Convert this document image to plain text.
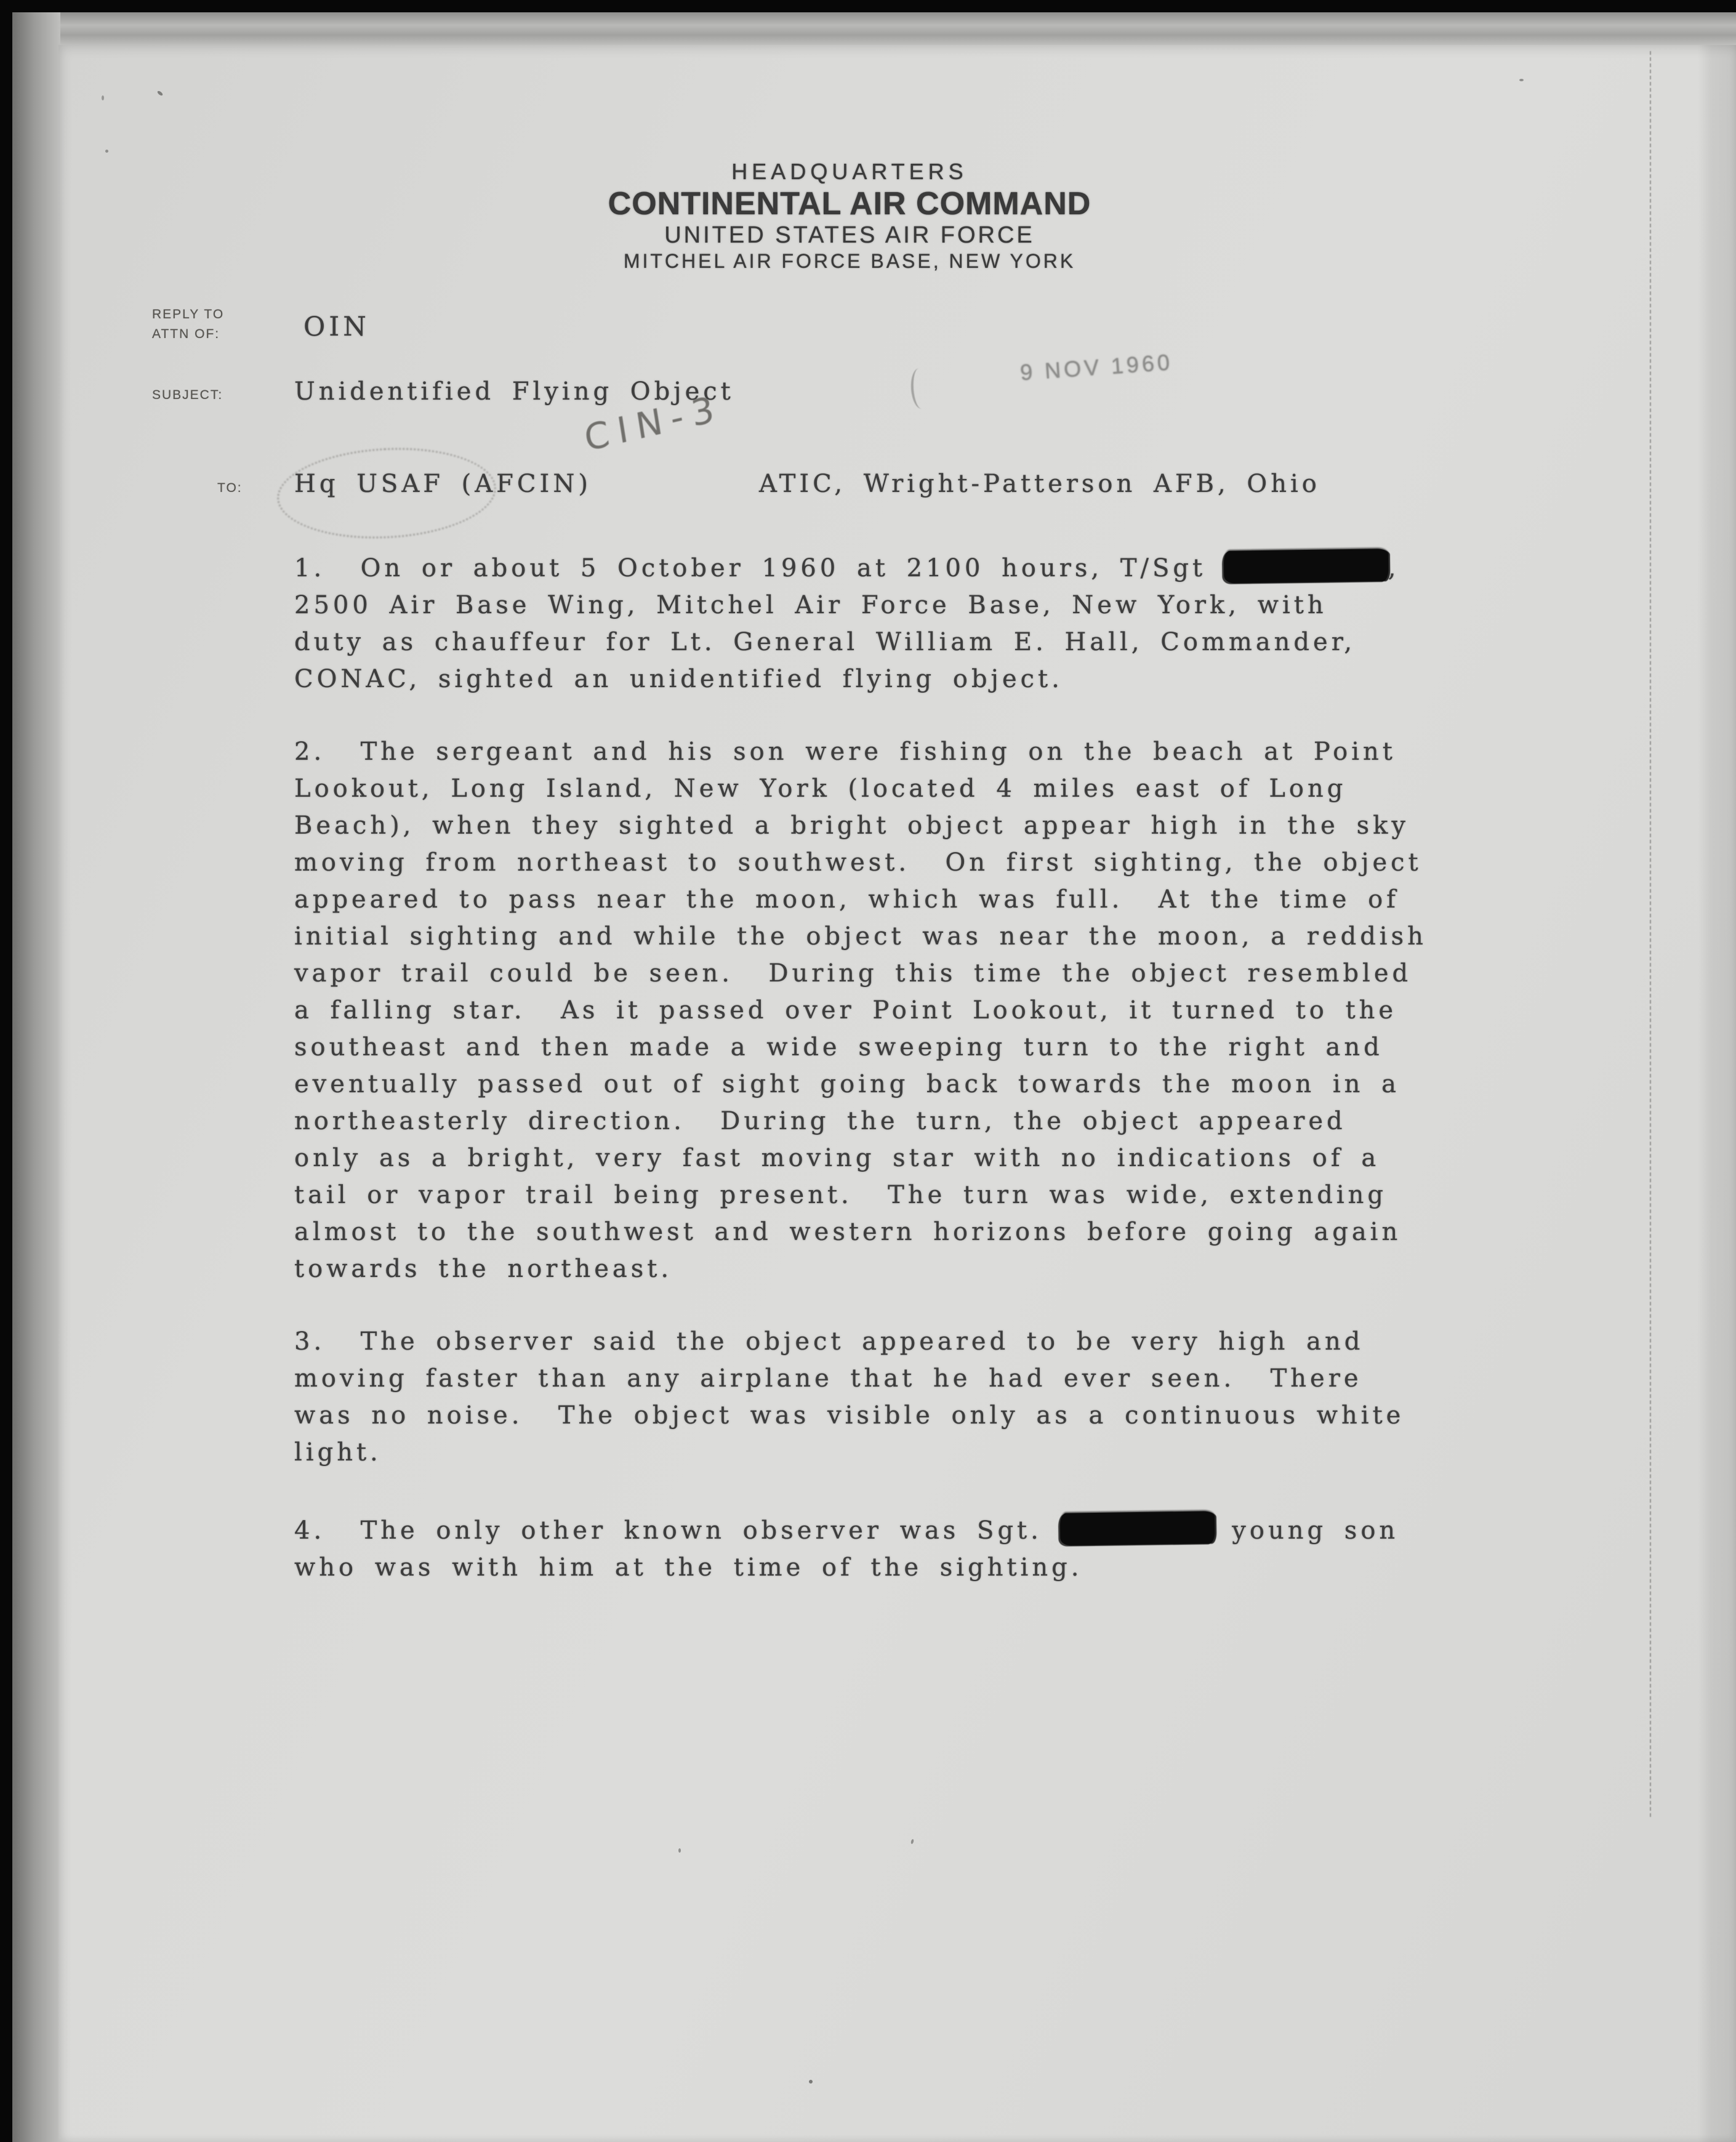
HEADQUARTERS
CONTINENTAL AIR COMMAND
UNITED STATES AIR FORCE
MITCHEL AIR FORCE BASE, NEW YORK
REPLY TO
ATTN OF:	OIN
9 NOV 1960
SUBJECT:	Unidentified Flying Object
CIN-3
TO: Hq USAF (AFCIN)	ATIC, Wright-Patterson AFB, Ohio
1.  On or about 5 October 1960 at 2100 hours, T/Sgt	,
2500 Air Base Wing, Mitchel Air Force Base, New York, with
duty as chauffeur for Lt. General William E. Hall, Commander,
CONAC, sighted an unidentified flying object.
2.  The sergeant and his son were fishing on the beach at Point
Lookout, Long Island, New York (located 4 miles east of Long
Beach), when they sighted a bright object appear high in the sky
moving from northeast to southwest.  On first sighting, the object
appeared to pass near the moon, which was full.  At the time of
initial sighting and while the object was near the moon, a reddish
vapor trail could be seen.  During this time the object resembled
a falling star.  As it passed over Point Lookout, it turned to the
southeast and then made a wide sweeping turn to the right and
eventually passed out of sight going back towards the moon in a
northeasterly direction.  During the turn, the object appeared
only as a bright, very fast moving star with no indications of a
tail or vapor trail being present.  The turn was wide, extending
almost to the southwest and western horizons before going again
towards the northeast.
3.  The observer said the object appeared to be very high and
moving faster than any airplane that he had ever seen.  There
was no noise.  The object was visible only as a continuous white
light.
4.  The only other known observer was Sgt.	young son
who was with him at the time of the sighting.
